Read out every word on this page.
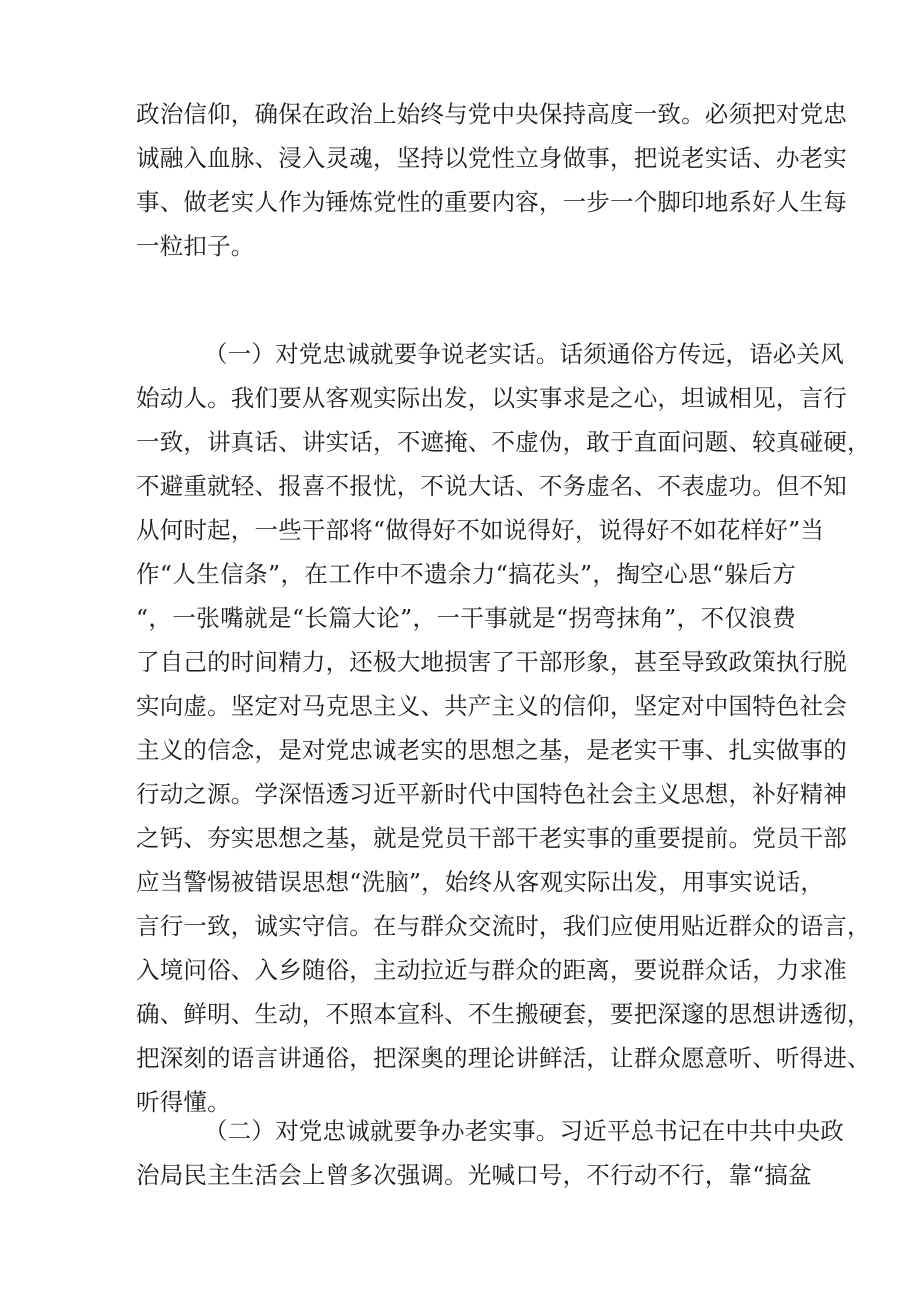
政治信仰，确保在政治上始终与党中央保持高度一致。必须把对党忠
诚融入血脉、浸入灵魂，坚持以党性立身做事，把说老实话、办老实
事、做老实人作为锤炼党性的重要内容，一步一个脚印地系好人生每
一粒扣子。
（一）对党忠诚就要争说老实话。话须通俗方传远，语必关风
始动人。我们要从客观实际出发，以实事求是之心，坦诚相见，言行
一致，讲真话、讲实话，不遮掩、不虚伪，敢于直面问题、较真碰硬，
不避重就轻、报喜不报忧，不说大话、不务虚名、不表虚功。但不知
从何时起，一些干部将“做得好不如说得好，说得好不如花样好”当
作“人生信条”，在工作中不遗余力“搞花头”，掏空心思“躲后方
“，一张嘴就是“长篇大论”，一干事就是“拐弯抹角”，不仅浪费
了自己的时间精力，还极大地损害了干部形象，甚至导致政策执行脱
实向虚。坚定对马克思主义、共产主义的信仰，坚定对中国特色社会
主义的信念，是对党忠诚老实的思想之基，是老实干事、扎实做事的
行动之源。学深悟透习近平新时代中国特色社会主义思想，补好精神
之钙、夯实思想之基，就是党员干部干老实事的重要提前。党员干部
应当警惕被错误思想“洗脑”，始终从客观实际出发，用事实说话，
言行一致，诚实守信。在与群众交流时，我们应使用贴近群众的语言，
入境问俗、入乡随俗，主动拉近与群众的距离，要说群众话，力求准
确、鲜明、生动，不照本宣科、不生搬硬套，要把深邃的思想讲透彻，
把深刻的语言讲通俗，把深奥的理论讲鲜活，让群众愿意听、听得进、
听得懂。
（二）对党忠诚就要争办老实事。习近平总书记在中共中央政
治局民主生活会上曾多次强调。光喊口号，不行动不行，靠“搞盆
